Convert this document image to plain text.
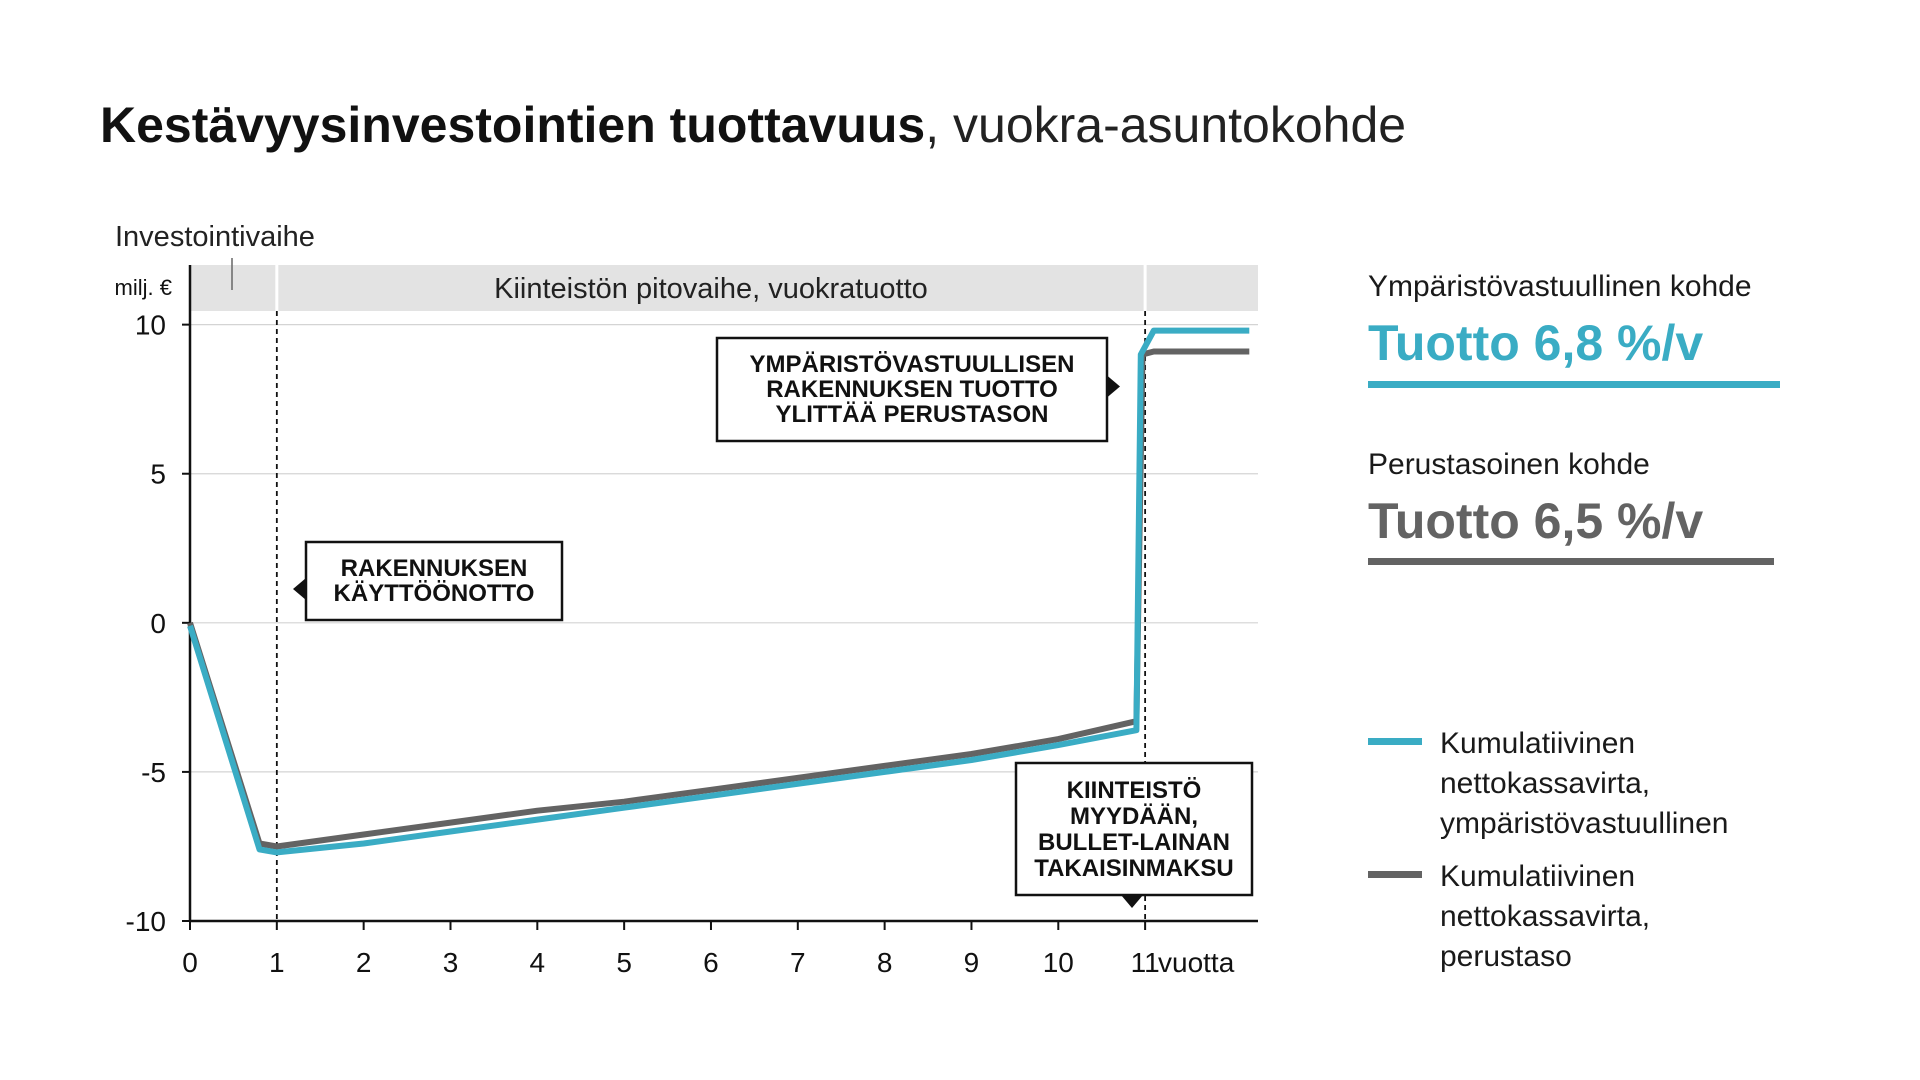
Kestävyysinvestointien tuottavuus, vuokra-asuntokohde
Kiinteistön pitovaihe, vuokratuotto
Investointivaihe
10
5
0
-5
-10
milj. €
0	1	2	3	4	5	6	7	8	9 10 11
vuotta
RAKENNUKSEN
KÄYTTÖÖNOTTO
YMPÄRISTÖVASTUULLISEN
RAKENNUKSEN TUOTTO
YLITTÄÄ PERUSTASON
KIINTEISTÖ
MYYDÄÄN,
BULLET-LAINAN
TAKAISINMAKSU
Ympäristövastuullinen kohde
Tuotto 6,8 %/v
Perustasoinen kohde
Tuotto 6,5 %/v
Kumulatiivinen
nettokassavirta,
ympäristövastuullinen
Kumulatiivinen
nettokassavirta,
perustaso
